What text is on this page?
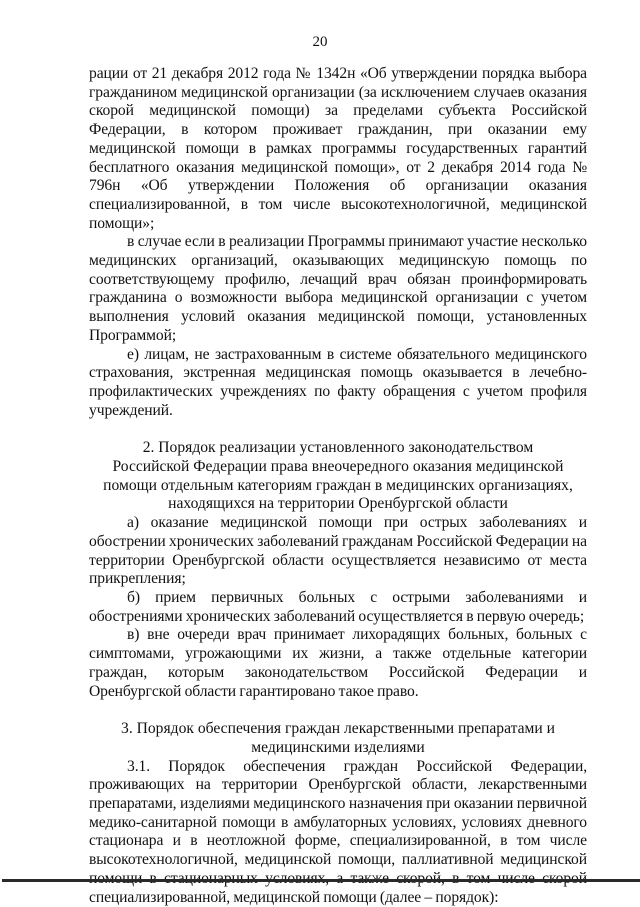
20

рации от 21 декабря 2012 года № 1342н «Об утверждении порядка выбора гражданином медицинской организации (за исключением случаев оказания скорой медицинской помощи) за пределами субъекта Российской Федерации, в котором проживает гражданин, при оказании ему медицинской помощи в рамках программы государственных гарантий бесплатного оказания медицинской помощи», от 2 декабря 2014 года № 796н «Об утверждении Положения об организации оказания специализированной, в том числе высокотехнологичной, медицинской помощи»;

в случае если в реализации Программы принимают участие несколько медицинских организаций, оказывающих медицинскую помощь по соответствующему профилю, лечащий врач обязан проинформировать гражданина о возможности выбора медицинской организации с учетом выполнения условий оказания медицинской помощи, установленных Программой;

е) лицам, не застрахованным в системе обязательного медицинского страхования, экстренная медицинская помощь оказывается в лечебно-профилактических учреждениях по факту обращения с учетом профиля учреждений.

2. Порядок реализации установленного законодательством Российской Федерации права внеочередного оказания медицинской помощи отдельным категориям граждан в медицинских организациях, находящихся на территории Оренбургской области

а) оказание медицинской помощи при острых заболеваниях и обострении хронических заболеваний гражданам Российской Федерации на территории Оренбургской области осуществляется независимо от места прикрепления;

б) прием первичных больных с острыми заболеваниями и обострениями хронических заболеваний осуществляется в первую очередь;

в) вне очереди врач принимает лихорадящих больных, больных с симптомами, угрожающими их жизни, а также отдельные категории граждан, которым законодательством Российской Федерации и Оренбургской области гарантировано такое право.

3. Порядок обеспечения граждан лекарственными препаратами и медицинскими изделиями

3.1. Порядок обеспечения граждан Российской Федерации, проживающих на территории Оренбургской области, лекарственными препаратами, изделиями медицинского назначения при оказании первичной медико-санитарной помощи в амбулаторных условиях, условиях дневного стационара и в неотложной форме, специализированной, в том числе высокотехнологичной, медицинской помощи, паллиативной медицинской специализированной, медицинской помощи (далее – порядок):
